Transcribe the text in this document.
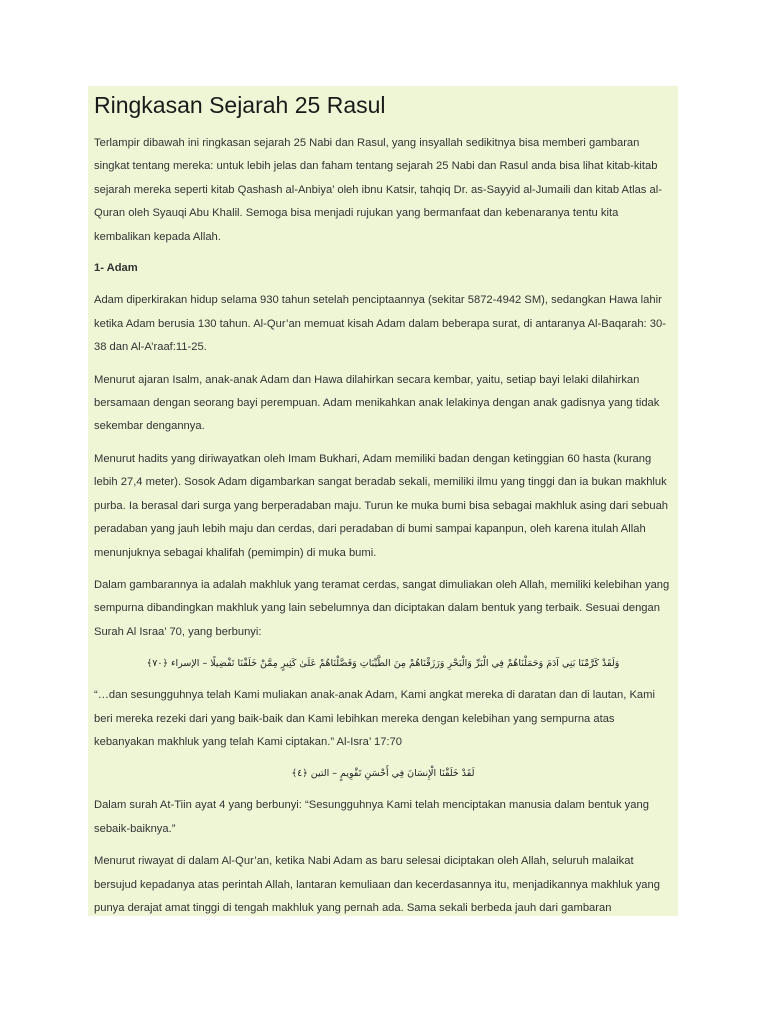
Ringkasan Sejarah 25 Rasul

Terlampir dibawah ini ringkasan sejarah 25 Nabi dan Rasul, yang insyallah sedikitnya bisa memberi gambaran singkat tentang mereka: untuk lebih jelas dan faham tentang sejarah 25 Nabi dan Rasul anda bisa lihat kitab-kitab sejarah mereka seperti kitab Qashash al-Anbiya’ oleh ibnu Katsir, tahqiq Dr. as-Sayyid al-Jumaili dan kitab Atlas al-Quran oleh Syauqi Abu Khalil. Semoga bisa menjadi rujukan yang bermanfaat dan kebenaranya tentu kita kembalikan kepada Allah.

1- Adam

Adam diperkirakan hidup selama 930 tahun setelah penciptaannya (sekitar 5872-4942 SM), sedangkan Hawa lahir ketika Adam berusia 130 tahun. Al-Qur’an memuat kisah Adam dalam beberapa surat, di antaranya Al-Baqarah: 30-38 dan Al-A’raaf:11-25.

Menurut ajaran Isalm, anak-anak Adam dan Hawa dilahirkan secara kembar, yaitu, setiap bayi lelaki dilahirkan bersamaan dengan seorang bayi perempuan. Adam menikahkan anak lelakinya dengan anak gadisnya yang tidak sekembar dengannya.

Menurut hadits yang diriwayatkan oleh Imam Bukhari, Adam memiliki badan dengan ketinggian 60 hasta (kurang lebih 27,4 meter). Sosok Adam digambarkan sangat beradab sekali, memiliki ilmu yang tinggi dan ia bukan makhluk purba. Ia berasal dari surga yang berperadaban maju. Turun ke muka bumi bisa sebagai makhluk asing dari sebuah peradaban yang jauh lebih maju dan cerdas, dari peradaban di bumi sampai kapanpun, oleh karena itulah Allah menunjuknya sebagai khalifah (pemimpin) di muka bumi.

Dalam gambarannya ia adalah makhluk yang teramat cerdas, sangat dimuliakan oleh Allah, memiliki kelebihan yang sempurna dibandingkan makhluk yang lain sebelumnya dan diciptakan dalam bentuk yang terbaik. Sesuai dengan Surah Al Israa’ 70, yang berbunyi:

وَلَقَدْ كَرَّمْنَا بَنِي آدَمَ وَحَمَلْنَاهُمْ فِي الْبَرِّ وَالْبَحْرِ وَرَزَقْنَاهُمْ مِنَ الطَّيِّبَاتِ وَفَضَّلْنَاهُمْ عَلَىٰ كَثِيرٍ مِمَّنْ خَلَقْنَا تَفْضِيلًا – الإسراء ﴿٧٠﴾

“…dan sesungguhnya telah Kami muliakan anak-anak Adam, Kami angkat mereka di daratan dan di lautan, Kami beri mereka rezeki dari yang baik-baik dan Kami lebihkan mereka dengan kelebihan yang sempurna atas kebanyakan makhluk yang telah Kami ciptakan.” Al-Isra’ 17:70

لَقَدْ خَلَقْنَا الْإِنسَانَ فِي أَحْسَنِ تَقْوِيمٍ – التين ﴿٤﴾

Dalam surah At-Tiin ayat 4 yang berbunyi: “Sesungguhnya Kami telah menciptakan manusia dalam bentuk yang sebaik-baiknya.”

Menurut riwayat di dalam Al-Qur’an, ketika Nabi Adam as baru selesai diciptakan oleh Allah, seluruh malaikat bersujud kepadanya atas perintah Allah, lantaran kemuliaan dan kecerdasannya itu, menjadikannya makhluk yang punya derajat amat tinggi di tengah makhluk yang pernah ada. Sama sekali berbeda jauh dari gambaran
